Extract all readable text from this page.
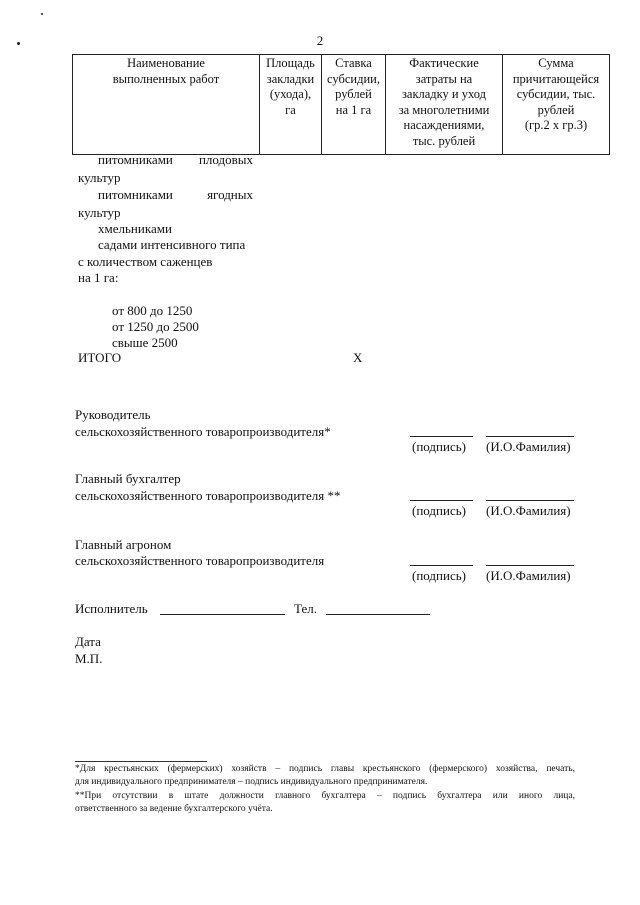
2
Наименование
выполненных работ	Площадь
закладки
(ухода),
га	Ставка
субсидии,
рублей
на 1 га	Фактические
затраты на
закладку и уход
за многолетними
насаждениями,
тыс. рублей	Сумма
причитающейся
субсидии, тыс.
рублей
(гр.2 х гр.3)
питомниками плодовых
культур
питомниками	ягодных
культур
хмельниками
садами интенсивного типа
с количеством саженцев
на 1 га:
от 800 до 1250
от 1250 до 2500
свыше 2500
ИТОГО	Х
Руководитель
сельскохозяйственного товаропроизводителя*
(подпись) (И.О.Фамилия)
Главный бухгалтер
сельскохозяйственного товаропроизводителя **
(подпись) (И.О.Фамилия)
Главный агроном
сельскохозяйственного товаропроизводителя
(подпись) (И.О.Фамилия)
Исполнитель	Тел.
Дата
М.П.
*Для крестьянских (фермерских) хозяйств – подпись главы крестьянского (фермерского) хозяйства, печать,
для индивидуального предпринимателя – подпись индивидуального предпринимателя.
**При отсутствии в штате должности главного бухгалтера – подпись бухгалтера или иного лица,
ответственного за ведение бухгалтерского учёта.
